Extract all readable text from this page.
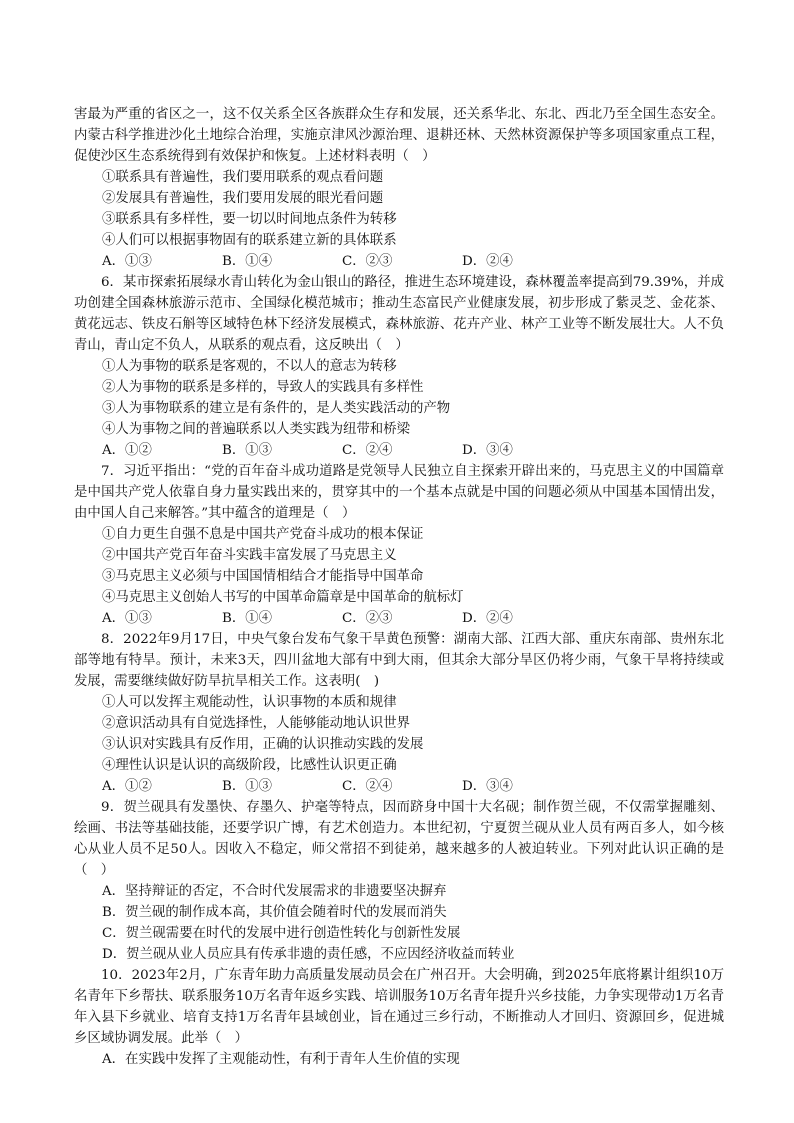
害最为严重的省区之一，这不仅关系全区各族群众生存和发展，还关系华北、东北、西北乃至全国生态安全。内蒙古科学推进沙化土地综合治理，实施京津风沙源治理、退耕还林、天然林资源保护等多项国家重点工程，促使沙区生态系统得到有效保护和恢复。上述材料表明（　）

①联系具有普遍性，我们要用联系的观点看问题

②发展具有普遍性，我们要用发展的眼光看问题

③联系具有多样性，要一切以时间地点条件为转移

④人们可以根据事物固有的联系建立新的具体联系

A．①③	B．①④	C．②③	D．②④

6．某市探索拓展绿水青山转化为金山银山的路径，推进生态环境建设，森林覆盖率提高到79.39%，并成功创建全国森林旅游示范市、全国绿化模范城市；推动生态富民产业健康发展，初步形成了紫灵芝、金花茶、黄花远志、铁皮石斛等区域特色林下经济发展模式，森林旅游、花卉产业、林产工业等不断发展壮大。人不负青山，青山定不负人，从联系的观点看，这反映出（　）

①人为事物的联系是客观的，不以人的意志为转移

②人为事物的联系是多样的，导致人的实践具有多样性

③人为事物联系的建立是有条件的，是人类实践活动的产物

④人为事物之间的普遍联系以人类实践为纽带和桥梁

A．①②	B．①③	C．②④	D．③④

7．习近平指出：“党的百年奋斗成功道路是党领导人民独立自主探索开辟出来的，马克思主义的中国篇章是中国共产党人依靠自身力量实践出来的，贯穿其中的一个基本点就是中国的问题必须从中国基本国情出发，由中国人自己来解答。”其中蕴含的道理是（　）

①自力更生自强不息是中国共产党奋斗成功的根本保证

②中国共产党百年奋斗实践丰富发展了马克思主义

③马克思主义必须与中国国情相结合才能指导中国革命

④马克思主义创始人书写的中国革命篇章是中国革命的航标灯

A．①③	B．①④	C．②③	D．②④

8．2022年9月17日，中央气象台发布气象干旱黄色预警：湖南大部、江西大部、重庆东南部、贵州东北部等地有特旱。预计，未来3天，四川盆地大部有中到大雨，但其余大部分旱区仍将少雨，气象干旱将持续或发展，需要继续做好防旱抗旱相关工作。这表明(　)

①人可以发挥主观能动性，认识事物的本质和规律

②意识活动具有自觉选择性，人能够能动地认识世界

③认识对实践具有反作用，正确的认识推动实践的发展

④理性认识是认识的高级阶段，比感性认识更正确

A．①②	B．①③	C．②④	D．③④

9．贺兰砚具有发墨快、存墨久、护毫等特点，因而跻身中国十大名砚；制作贺兰砚，不仅需掌握雕刻、绘画、书法等基础技能，还要学识广博，有艺术创造力。本世纪初，宁夏贺兰砚从业人员有两百多人，如今核心从业人员不足50人。因收入不稳定，师父常招不到徒弟，越来越多的人被迫转业。下列对此认识正确的是（　）

A．坚持辩证的否定，不合时代发展需求的非遗要坚决摒弃

B．贺兰砚的制作成本高，其价值会随着时代的发展而消失

C．贺兰砚需要在时代的发展中进行创造性转化与创新性发展

D．贺兰砚从业人员应具有传承非遗的责任感，不应因经济收益而转业

10．2023年2月，广东青年助力高质量发展动员会在广州召开。大会明确，到2025年底将累计组织10万名青年下乡帮扶、联系服务10万名青年返乡实践、培训服务10万名青年提升兴乡技能，力争实现带动1万名青年入县下乡就业、培育支持1万名青年县域创业，旨在通过三乡行动，不断推动人才回归、资源回乡，促进城乡区域协调发展。此举（　）

A．在实践中发挥了主观能动性，有利于青年人生价值的实现
